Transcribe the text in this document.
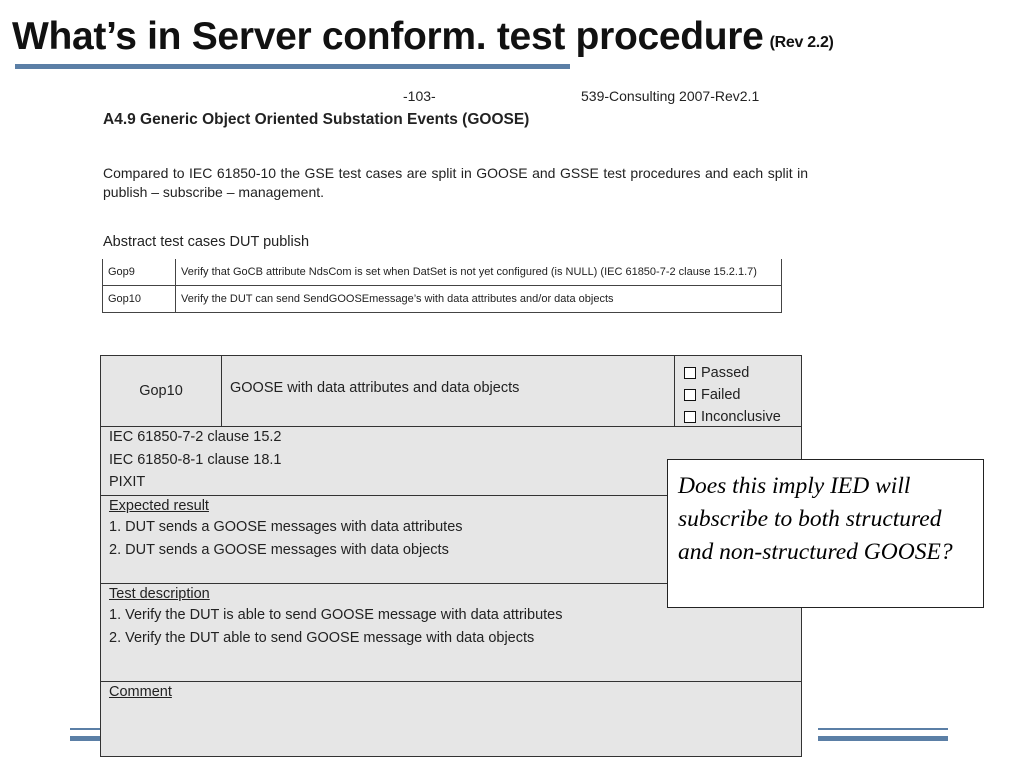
What’s in Server conform. test procedure (Rev 2.2)
-103-	539-Consulting 2007-Rev2.1
A4.9 Generic Object Oriented Substation Events (GOOSE)
Compared to IEC 61850-10 the GSE test cases are split in GOOSE and GSSE test procedures and each split in publish – subscribe – management.
Abstract test cases DUT publish
Gop9	Verify that GoCB attribute NdsCom is set when DatSet is not yet configured (is NULL) (IEC 61850-7-2 clause 15.2.1.7)
Gop10	Verify the DUT can send SendGOOSEmessage’s with data attributes and/or data objects
Gop10	GOOSE with data attributes and data objects
Passed
Failed
Inconclusive
IEC 61850-7-2 clause 15.2
IEC 61850-8-1 clause 18.1
PIXIT
Expected result
1. DUT sends a GOOSE messages with data attributes
2. DUT sends a GOOSE messages with data objects
Test description
1. Verify the DUT is able to send GOOSE message with data attributes
2. Verify the DUT able to send GOOSE message with data objects
Comment
Does this imply IED will subscribe to both structured and non-structured GOOSE?
